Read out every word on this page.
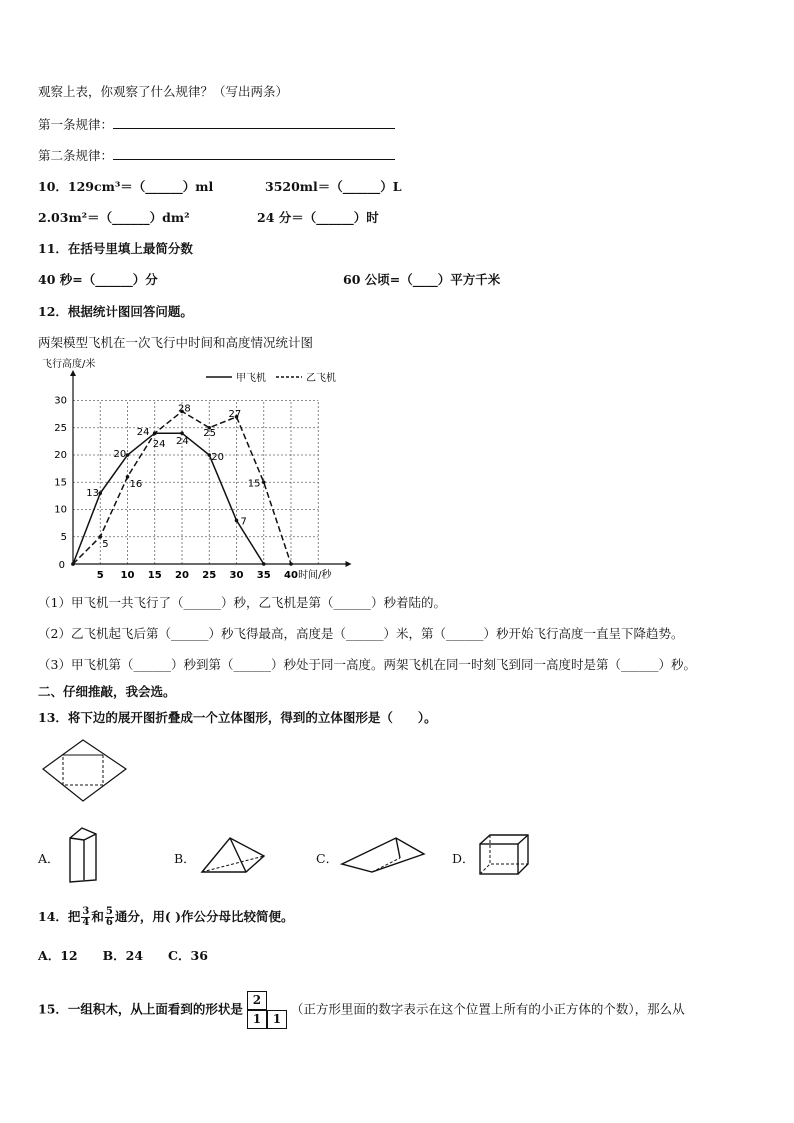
观察上表，你观察了什么规律？（写出两条）
第一条规律：
第二条规律：
10．129cm³＝（______）ml	3520ml＝（______）L
2.03m²＝（______）dm²	24 分＝（______）时
11．在括号里填上最简分数
40 秒=（______）分	60 公顷=（____）平方千米
12．根据统计图回答问题。
两架模型飞机在一次飞行中时间和高度情况统计图
5
10
15
20
25
30
5 10 15 20 25 30 35 40
0
飞行高度/米
时间/秒
甲飞机	乙飞机
13
20
24
24
20
7
5
16
24
28
25
27
15
（1）甲飞机一共飞行了（______）秒，乙飞机是第（______）秒着陆的。
（2）乙飞机起飞后第（______）秒飞得最高，高度是（______）米，第（______）秒开始飞行高度一直呈下降趋势。
（3）甲飞机第（______）秒到第（______）秒处于同一高度。两架飞机在同一时刻飞到同一高度时是第（______）秒。
二、仔细推敲，我会选。
13．将下边的展开图折叠成一个立体图形，得到的立体图形是（　　）。
A．	B．	C．	D．
14．把 $\frac{3}{4}$ 和 $\frac{5}{6}$ 通分，用( )作公分母比较简便。
A．12　　B．24　　C．36
15．一组积木，从上面看到的形状是
2
1 1
（正方形里面的数字表示在这个位置上所有的小正方体的个数），那么从
